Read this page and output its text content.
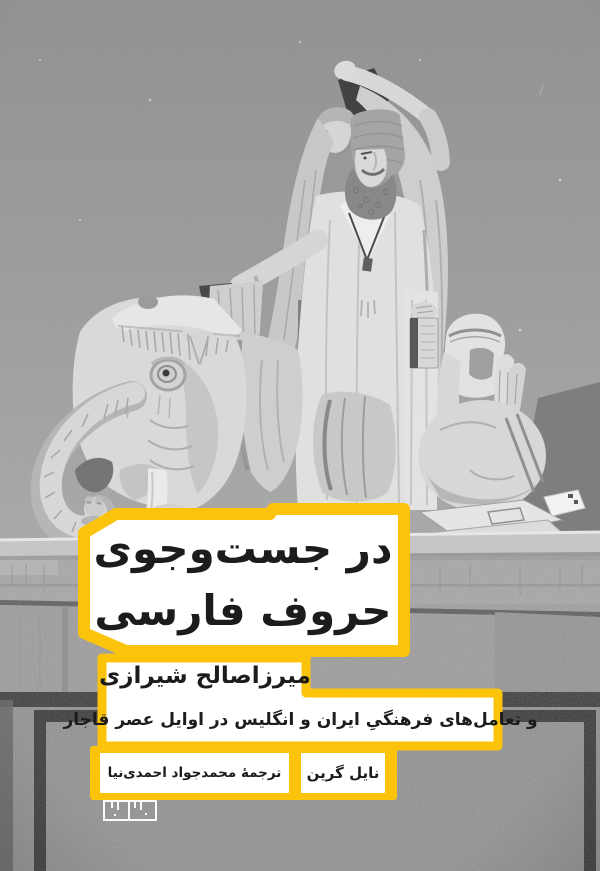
در جست‌وجوی
حروف فارسی
میرزاصالح شیرازی
و تعامل‌های فرهنگیِ ایران و انگلیس در اوایل عصر قاجار
نایل گرین
ترجمهٔ محمدجواد احمدی‌نیا
